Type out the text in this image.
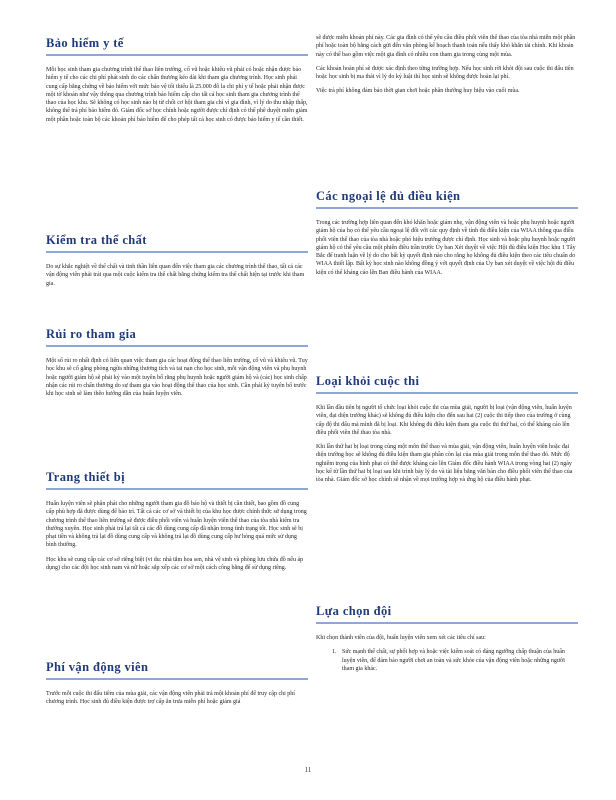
Bảo hiểm y tế

Mỗi học sinh tham gia chương trình thể thao liên trường, cổ vũ hoặc khiêu vũ phải có hoặc nhận được bảo hiểm y tế cho các chi phí phát sinh do các chấn thương kéo dài khi tham gia chương trình. Học sinh phải cung cấp bằng chứng về bảo hiểm với mức bảo vệ tối thiểu là 25.000 đô la chi phí y tế hoặc phải nhận được một tờ khoản như vậy thông qua chương trình bảo hiểm cấp cho tất cả học sinh tham gia chương trình thể thao của học khu. Sẽ không có học sinh nào bị từ chối cơ hội tham gia chỉ vì gia đình, vì lý do thu nhập thấp, không thể trả phí bảo hiểm đó. Giám đốc sở học chính hoặc người được chỉ định có thể phê duyệt miễn giảm một phần hoặc toàn bộ các khoản phí bảo hiểm để cho phép tất cả học sinh có được bảo hiểm y tế cần thiết.

Kiểm tra thể chất

Do sự khắc nghiệt về thể chất và tinh thần liên quan đến việc tham gia các chương trình thể thao, tất cả các vận động viên phải trải qua một cuộc kiểm tra thể chất bằng chứng kiểm tra thể chất hiện tại trước khi tham gia.

Rủi ro tham gia

Một số rủi ro nhất định có liên quan việc tham gia các hoạt động thể thao liên trường, cổ vũ và khiêu vũ. Tuy học khu sẽ cố gắng phòng ngừa những thương tích và tai nạn cho học sinh, mỗi vận động viên và phụ huynh hoặc người giám hộ sẽ phải ký vào một tuyên bố rằng phụ huynh hoặc người giám hộ và (các) học sinh chấp nhận các rủi ro chấn thương do sự tham gia vào hoạt động thể thao của học sinh. Cần phải ký tuyên bố trước khi học sinh sẽ làm thêo hướng dẫn của huấn luyện viên.

Trang thiết bị

Huấn luyện viên sẽ phân phát cho những người tham gia đồ bảo hộ và thiết bị cần thiết, bao gồm đồ cung cấp phù hợp đã được dùng để bảo trì. Tất cả các cơ sở và thiết bị của khu học được chính thức sử dụng trong chương trình thể thao liên trường sẽ được điều phối viên và huấn luyện viên thể thao của tòa nhà kiểm tra thường xuyên. Học sinh phải trả lại tất cả các đồ dùng cung cấp đã nhận trong tình trạng tốt. Học sinh sẽ bị phạt tiền và không trả lại đồ dùng cung cấp và không trả lại đồ dùng cung cấp hư hỏng quá mức sử dụng bình thường.

Học khu sẽ cung cấp các cơ sở riêng biệt (vi du: nhà tắm hoa sen, nhà vệ sinh và phòng lưu chứa đồ nếu áp dụng) cho các đội học sinh nam và nữ hoặc sắp xếp các cơ sở một cách công bằng để sử dụng riêng.

Phí vận động viên

Trước mỗi cuộc thi đấu tiêm của mùa giải, các vận động viên phải trả một khoản phí để truy cập chi phí chương trình. Học sinh đủ điều kiện được trợ cấp ăn trưa miễn phí hoặc giảm giá

sẽ được miễn khoản phí này. Các gia đình có thể yêu cầu điều phối viên thể thao của tòa nhà miễn một phần phí hoặc toàn bộ bằng cách gửi đến văn phòng kế hoạch thanh toán nếu thấy khó khăn tài chính. Khi khoản này có thể bao gồm việc một gia đình có nhiều con tham gia trong cùng một mùa.

Các khoản hoàn phí sẽ được xác định theo từng trường hợp. Nếu học sinh rời khỏi đội sau cuộc thi đấu tiên hoặc học sinh bị ma thải vì lý do kỷ luật thì học sinh sẽ không được hoàn lại phí.

Việc trả phí không đảm bảo thời gian chơi hoặc phân thưởng huy hiệu vào cuối mùa.

Các ngoại lệ đủ điều kiện

Trong các trường hợp liên quan đến khó khăn hoặc giảm nhẹ, vận động viên và hoặc phụ huynh hoặc người giám hộ của họ có thể yêu cầu ngoại lệ đối với các quy định về tính đủ điều kiện của WIAA thông qua điều phối viên thể thao của tòa nhà hoặc phó hiệu trưởng được chỉ định. Học sinh và hoặc phụ huynh hoặc người giám hộ có thể yêu cầu một phiên điều trần trước Ủy ban Xét duyệt về việc Hội đủ điều kiện Học khu 1 Tây Bắc để tranh luận về lý do cho bất kỳ quyết định nào cho rằng họ không đủ điều kiện theo các tiêu chuẩn do WIAA thiết lập. Bất kỳ học sinh nào không đồng ý với quyết định của Ủy ban xét duyệt về việc hội đủ điều kiện có thể kháng cáo lên Ban điều hành của WIAA.

Loại khỏi cuộc thi

Khi lần đầu tiên bị người tổ chức loại khỏi cuộc thi của mùa giải, người bị loại (vận động viên, huấn luyện viên, đại diện trường khác) sẽ không đủ điều kiện cho đến sau hai (2) cuộc thi tiếp theo của trường ở cùng cấp độ thi đấu mà mình đã bị loại. Khi không đủ điều kiện tham gia cuộc thi thứ hai, có thể kháng cáo lên điều phối viên thể thao tòa nhà.

Khi lần thứ hai bị loại trong cùng một môn thể thao và mùa giải, vận động viên, huấn luyện viên hoặc đại diện trường học sẽ không đủ điều kiện tham gia phần còn lại của mùa giải trong môn thể thao đó. Mức độ nghiêm trọng của hình phạt có thể được kháng cáo lên Giám đốc điều hành WIAA trong vòng hai (2) ngày học kể từ lần thứ hai bị loại sau khi trình bày lý do và tài liệu bằng văn bản cho điều phối viên thể thao của tòa nhà. Giám đốc sở học chính sẽ nhận về mọi trường hợp và ứng hộ của điều hành phạt.

Lựa chọn đội

Khi chọn thành viên của đội, huấn luyện viên xem xét các tiêu chí sau:

1. Sức mạnh thể chất, sự phối hợp và hoặc việc kiểm soát có đáng ngưỡng chấp thuận của huấn luyện viên, để đảm bảo người chơi an toàn và sức khỏe của vận động viên hoặc những người tham gia khác.
11
